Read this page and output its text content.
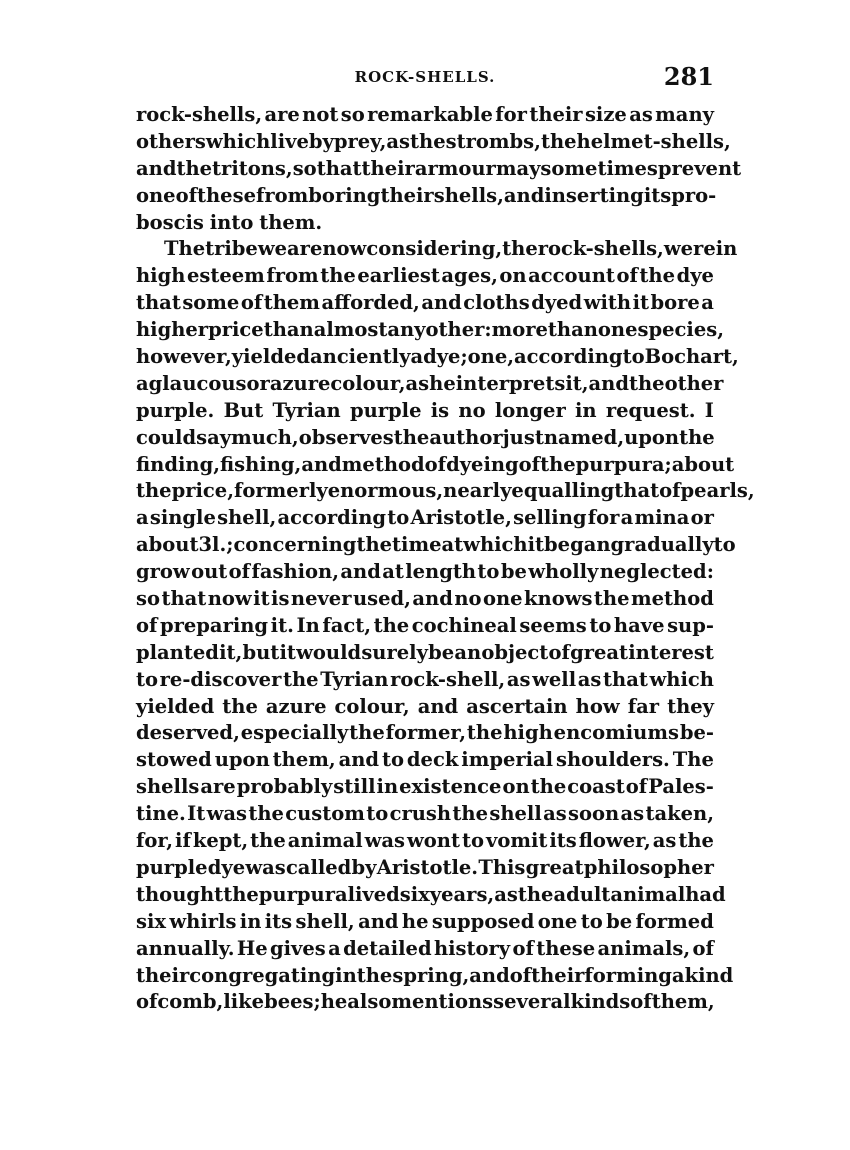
ROCK-SHELLS.	281
rock-shells, are not so remarkable for their size as many
others which live by prey, as the strombs, the helmet-shells,
and the tritons, so that their armour may sometimes prevent
one of these from boring their shells, and inserting its pro-
boscis into them.
The tribe we are now considering, the rock-shells, were in
high esteem from the earliest ages, on account of the dye
that some of them afforded, and cloths dyed with it bore a
higher price than almost any other: more than one species,
however, yielded anciently a dye; one, according to Bochart,
a glaucous or azure colour, as he interprets it, and the other
purple. But Tyrian purple is no longer in request. I
could say much, observes the author just named, upon the
finding, fishing, and method of dyeing of the purpura; about
the price, formerly enormous, nearly equalling that of pearls,
a single shell, according to Aristotle, selling for a mina or
about 3l.; concerning the time at which it began gradually to
grow out of fashion, and at length to be wholly neglected:
so that now it is never used, and no one knows the method
of preparing it. In fact, the cochineal seems to have sup-
planted it, but it would surely be an object of great interest
to re-discover the Tyrian rock-shell, as well as that which
yielded the azure colour, and ascertain how far they
deserved, especially the former, the high encomiums be-
stowed upon them, and to deck imperial shoulders. The
shells are probably still in existence on the coast of Pales-
tine. It was the custom to crush the shell as soon as taken,
for, if kept, the animal was wont to vomit its flower, as the
purple dye was called by Aristotle. This great philosopher
thought the purpura lived six years, as the adult animal had
six whirls in its shell, and he supposed one to be formed
annually. He gives a detailed history of these animals, of
their congregating in the spring, and of their forming a kind
of comb, like bees; he also mentions several kinds of them,
